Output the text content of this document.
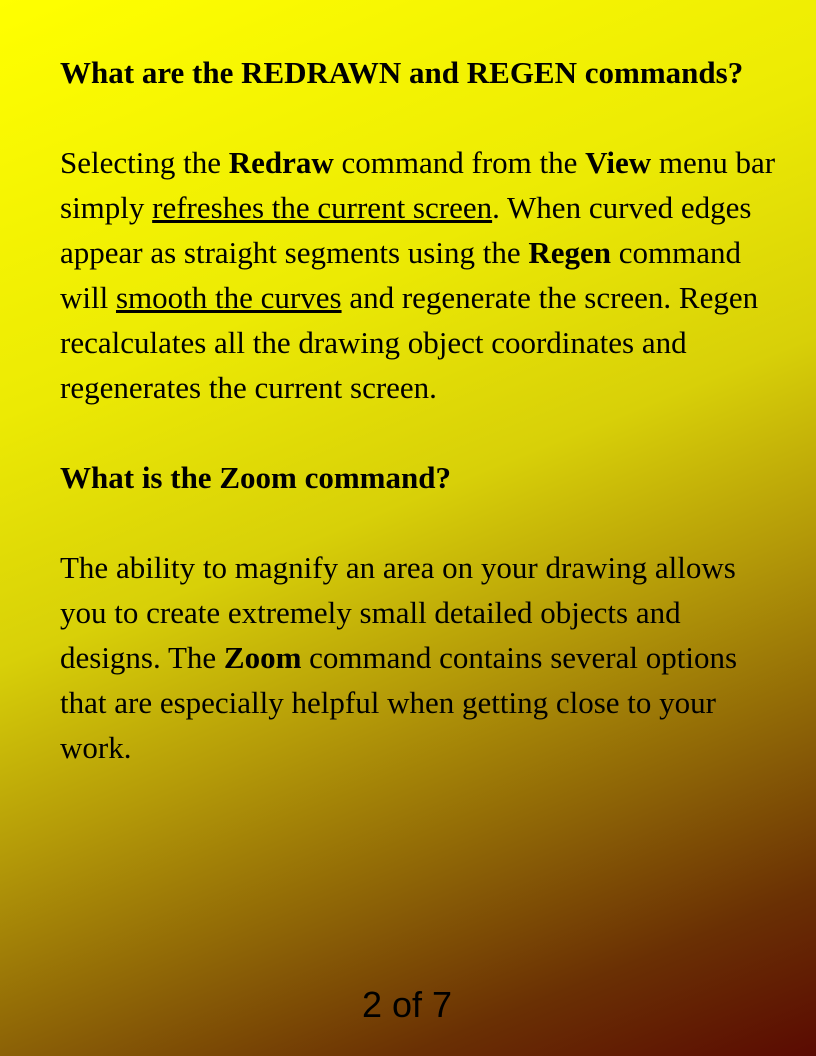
What are the REDRAWN and REGEN commands?

Selecting the Redraw command from the View menu bar simply refreshes the current screen. When curved edges appear as straight segments using the Regen command will smooth the curves and regenerate the screen. Regen recalculates all the drawing object coordinates and regenerates the current screen.

What is the Zoom command?

The ability to magnify an area on your drawing allows you to create extremely small detailed objects and designs. The Zoom command contains several options that are especially helpful when getting close to your work.

2 of 7
